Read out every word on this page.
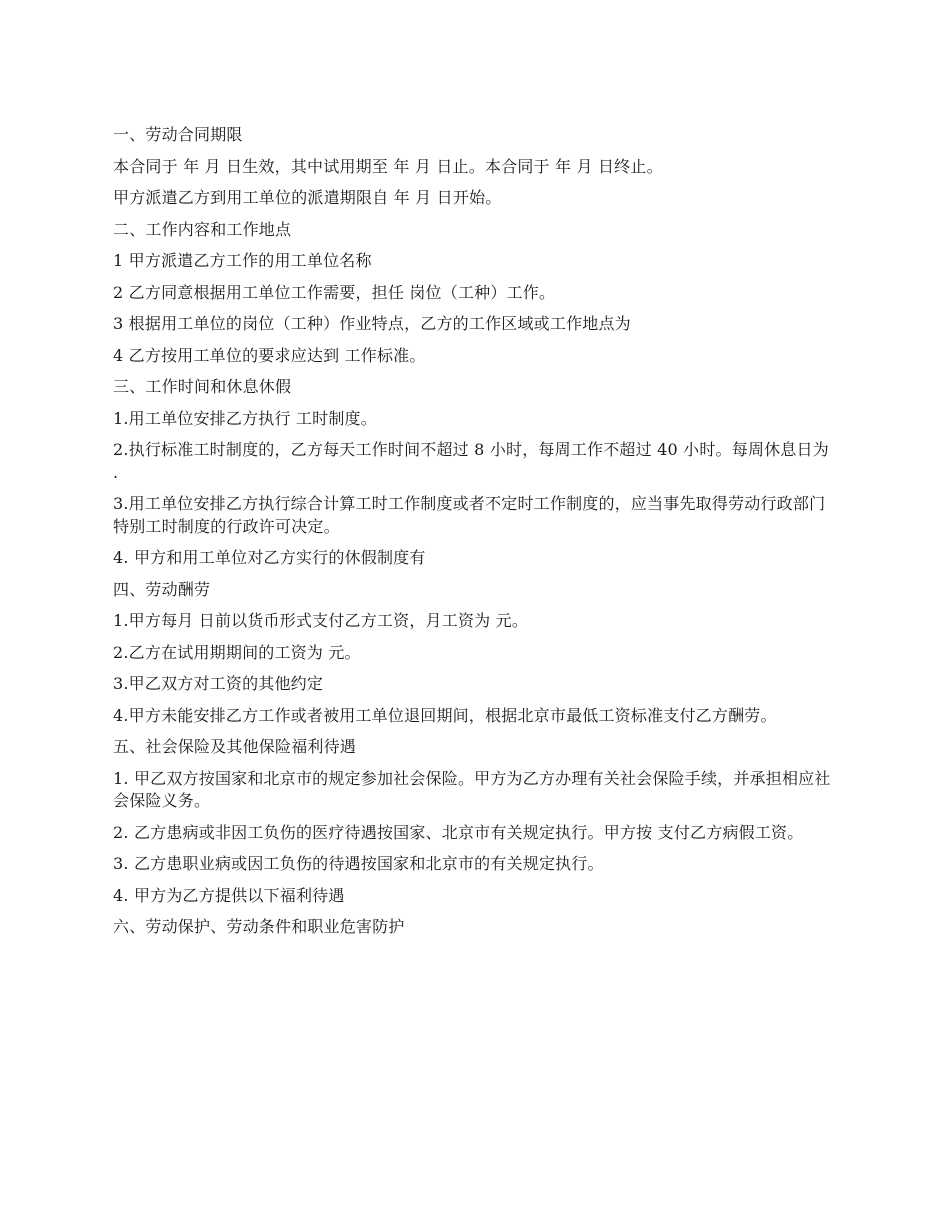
一、劳动合同期限

本合同于 年 月 日生效，其中试用期至 年 月 日止。本合同于 年 月 日终止。

甲方派遣乙方到用工单位的派遣期限自 年 月 日开始。

二、工作内容和工作地点

1 甲方派遣乙方工作的用工单位名称

2 乙方同意根据用工单位工作需要，担任 岗位（工种）工作。

3 根据用工单位的岗位（工种）作业特点，乙方的工作区域或工作地点为

4 乙方按用工单位的要求应达到 工作标准。

三、工作时间和休息休假

1.用工单位安排乙方执行 工时制度。

2.执行标准工时制度的，乙方每天工作时间不超过 8 小时，每周工作不超过 40 小时。每周休息日为 .

3.用工单位安排乙方执行综合计算工时工作制度或者不定时工作制度的，应当事先取得劳动行政部门特别工时制度的行政许可决定。

4. 甲方和用工单位对乙方实行的休假制度有

四、劳动酬劳

1.甲方每月 日前以货币形式支付乙方工资，月工资为 元。

2.乙方在试用期期间的工资为 元。

3.甲乙双方对工资的其他约定

4.甲方未能安排乙方工作或者被用工单位退回期间，根据北京市最低工资标准支付乙方酬劳。

五、社会保险及其他保险福利待遇

1. 甲乙双方按国家和北京市的规定参加社会保险。甲方为乙方办理有关社会保险手续，并承担相应社会保险义务。

2. 乙方患病或非因工负伤的医疗待遇按国家、北京市有关规定执行。甲方按 支付乙方病假工资。

3. 乙方患职业病或因工负伤的待遇按国家和北京市的有关规定执行。

4. 甲方为乙方提供以下福利待遇

六、劳动保护、劳动条件和职业危害防护
